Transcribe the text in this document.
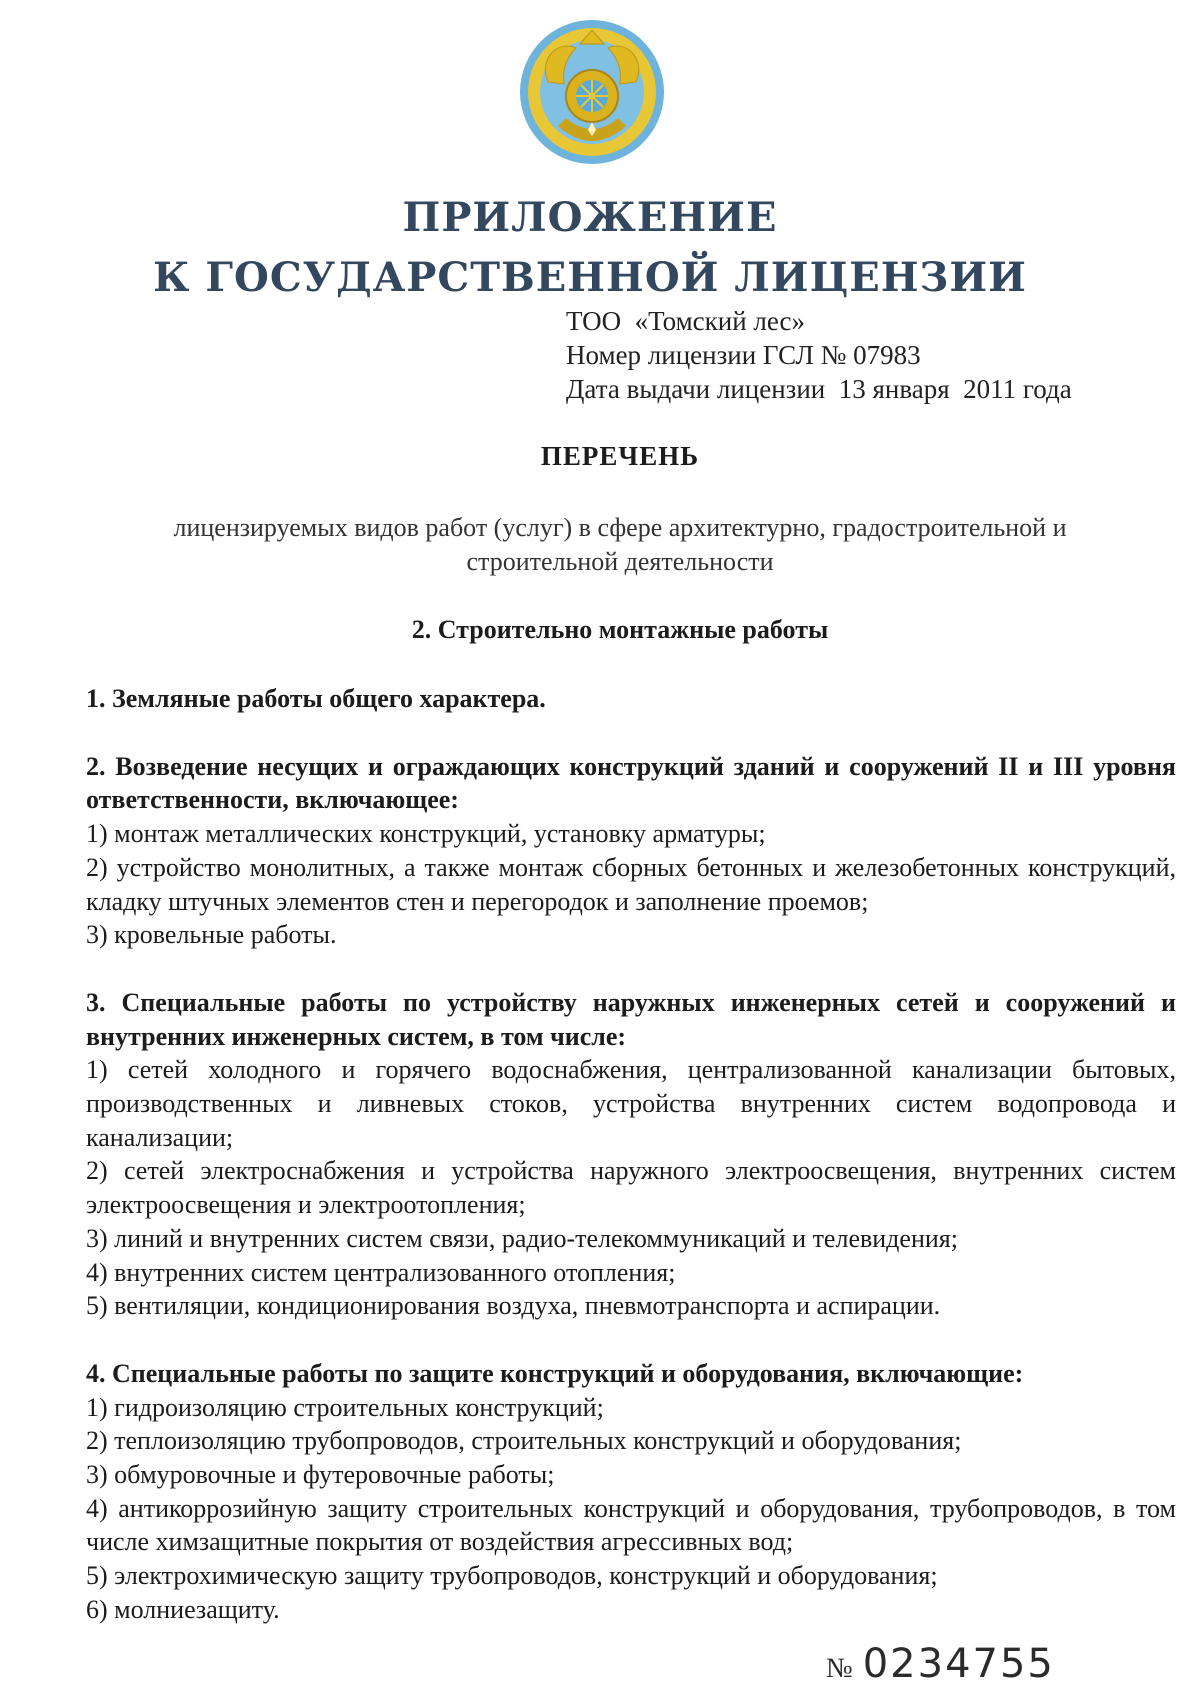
ПРИЛОЖЕНИЕ
К ГОСУДАРСТВЕННОЙ ЛИЦЕНЗИИ
ТОО  «Томский лес»
Номер лицензии ГСЛ № 07983
Дата выдачи лицензии  13 января  2011 года
ПЕРЕЧЕНЬ
лицензируемых видов работ (услуг) в сфере архитектурно, градостроительной и строительной деятельности
2. Строительно монтажные работы

1. Земляные работы общего характера.

2. Возведение несущих и ограждающих конструкций зданий и сооружений II и III уровня ответственности, включающее:

1) монтаж металлических конструкций, установку арматуры;

2) устройство монолитных, а также монтаж сборных бетонных и железобетонных конструкций, кладку штучных элементов стен и перегородок и заполнение проемов;

3) кровельные работы.

3. Специальные работы по устройству наружных инженерных сетей и сооружений и внутренних инженерных систем, в том числе:

1) сетей холодного и горячего водоснабжения, централизованной канализации бытовых, производственных и ливневых стоков, устройства внутренних систем водопровода и канализации;

2) сетей электроснабжения и устройства наружного электроосвещения, внутренних систем электроосвещения и электроотопления;

3) линий и внутренних систем связи, радио-телекоммуникаций и телевидения;

4) внутренних систем централизованного отопления;

5) вентиляции, кондиционирования воздуха, пневмотранспорта и аспирации.

4. Специальные работы по защите конструкций и оборудования, включающие:

1) гидроизоляцию строительных конструкций;

2) теплоизоляцию трубопроводов, строительных конструкций и оборудования;

3) обмуровочные и футеровочные работы;

4) антикоррозийную защиту строительных конструкций и оборудования, трубопроводов, в том числе химзащитные покрытия от воздействия агрессивных вод;

5) электрохимическую защиту трубопроводов, конструкций и оборудования;

6) молниезащиту.

№ 0234755
